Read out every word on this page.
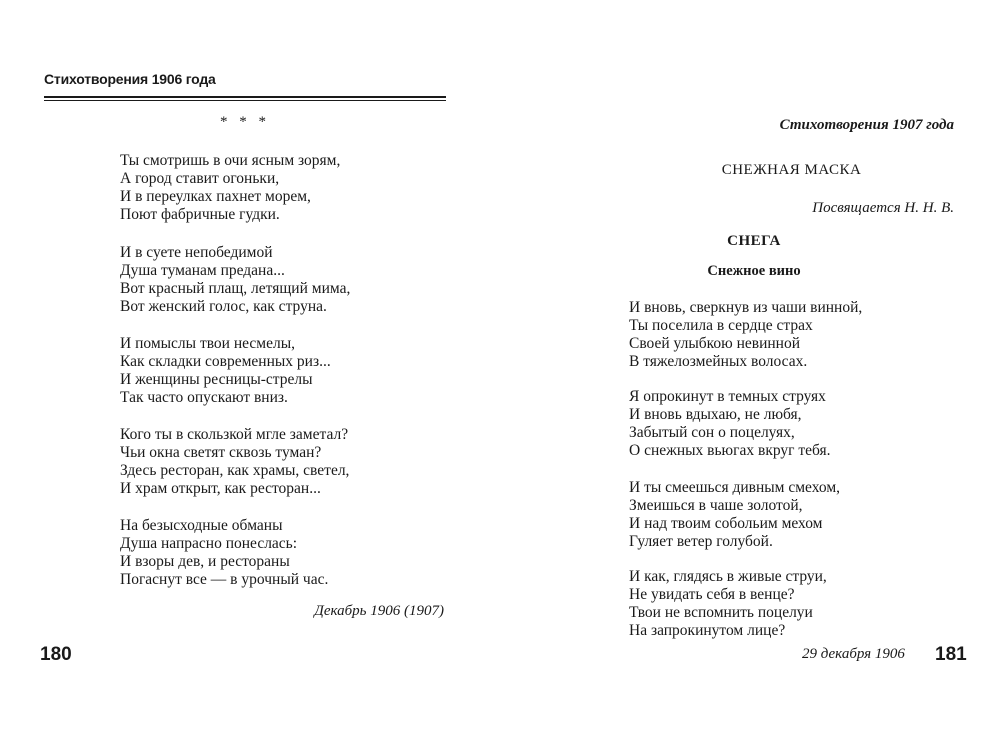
Стихотворения 1906 года
* * *
Ты смотришь в очи ясным зорям,
А город ставит огоньки,
И в переулках пахнет морем,
Поют фабричные гудки.
И в суете непобедимой
Душа туманам предана...
Вот красный плащ, летящий мима,
Вот женский голос, как струна.
И помыслы твои несмелы,
Как складки современных риз...
И женщины ресницы-стрелы
Так часто опускают вниз.
Кого ты в скользкой мгле заметал?
Чьи окна светят сквозь туман?
Здесь ресторан, как храмы, светел,
И храм открыт, как ресторан...
На безысходные обманы
Душа напрасно понеслась:
И взоры дев, и рестораны
Погаснут все — в урочный час.
Декабрь 1906 (1907)
180
Стихотворения 1907 года
СНЕЖНАЯ МАСКА
Посвящается Н. Н. В.
СНЕГА
Снежное вино
И вновь, сверкнув из чаши винной,
Ты поселила в сердце страх
Своей улыбкою невинной
В тяжелозмейных волосах.
Я опрокинут в темных струях
И вновь вдыхаю, не любя,
Забытый сон о поцелуях,
О снежных вьюгах вкруг тебя.
И ты смеешься дивным смехом,
Змеишься в чаше золотой,
И над твоим собольим мехом
Гуляет ветер голубой.
И как, глядясь в живые струи,
Не увидать себя в венце?
Твои не вспомнить поцелуи
На запрокинутом лице?
29 декабря 1906 181
